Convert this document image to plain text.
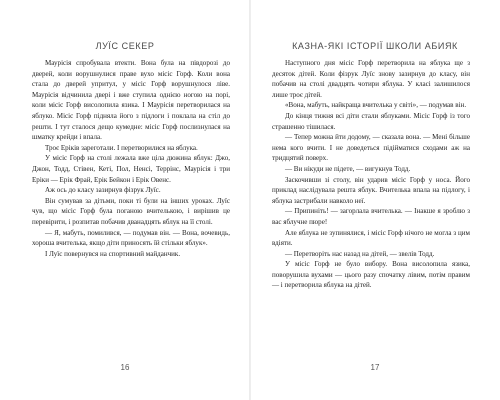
ЛУЇС СЕКЕР

Маурісія спробувала втекти. Вона була на півдорозі до дверей, коли ворушнулися праве вухо місіс Горф. Коли вона стала до дверей упритул, у місіс Горф ворушнулося ліве. Маурісія відчинила двері і вже ступила однією ногою на порі, коли місіс Горф висолопила язика. І Маурісія перетворилася на яблуко. Місіс Горф підняла його з підлоги і поклала на стіл до решти. І тут сталося дещо кумедне: місіс Горф послизнулася на шматку крейди і впала.

Троє Ерікiв зареготали. І перетворилися на яблука.

У місіс Горф на столі лежала вже ціла дюжина яблук: Джо, Джон, Тодд, Стівен, Кеті, Пол, Ненсі, Террінс, Маурісія і три Еріки — Ерік Фрай, Ерік Бейкон і Ерік Овенс.

Аж ось до класу зазирнув фізрук Луїс.

Він сумував за дітьми, поки ті були на інших уроках. Луїс чув, що місіс Горф була поганою вчителькою, і вирішив це перевірити, і розпитав побачив дванадцять яблук на її столі.

— Я, мабуть, помилився, — подумав він. — Вона, вочевидь, хороша вчителька, якщо діти приносять їй стільки яблук».

І Луїс повернувся на спортивний майданчик.

16
КАЗНА-ЯКІ ІСТОРІЇ ШКОЛИ АБИЯК

Наступного дня місіс Горф перетворила на яблука ще з десяток дітей. Коли фізрук Луїс знову зазирнув до класу, він побачив на столі двадцять чотири яблука. У класі залишилося лише троє дітей.

«Вона, мабуть, найкраща вчителька у світі», — подумав він.

До кінця тижня всі діти стали яблуками. Місіс Горф із того страшенно тішилася.

— Тепер можна йти додому, — сказала вона. — Мені більше нема кого вчити. І не доведеться підійматися сходами аж на тридцятий поверх.

— Ви нікуди не підете, — вигукнув Тодд.

Заскочивши зі столу, він ударив місіс Горф у носа. Його приклад наслідувала решта яблук. Вчителька впала на підлогу, і яблука застрибали навколо неї.

— Припиніть! — загорлала вчителька. — Інакше я зроблю з вас яблучне пюре!

Але яблука не зупинялися, і місіс Горф нічого не могла з цим вдіяти.

— Перетворіть нас назад на дітей, — звелів Тодд.

У місіс Горф не було вибору. Вона висолопила язика, поворушила вухами — цього разу спочатку лівим, потім правим — і перетворила яблука на дітей.

17
